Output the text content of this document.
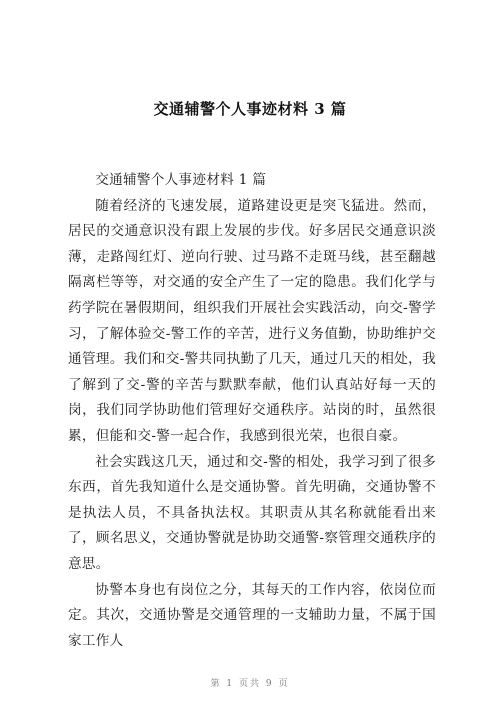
交通辅警个人事迹材料 3 篇

交通辅警个人事迹材料 1 篇

随着经济的飞速发展，道路建设更是突飞猛进。然而，居民的交通意识没有跟上发展的步伐。好多居民交通意识淡薄，走路闯红灯、逆向行驶、过马路不走斑马线，甚至翻越隔离栏等等，对交通的安全产生了一定的隐患。我们化学与药学院在暑假期间，组织我们开展社会实践活动，向交-警学习，了解体验交-警工作的辛苦，进行义务值勤，协助维护交通管理。我们和交-警共同执勤了几天，通过几天的相处，我了解到了交-警的辛苦与默默奉献，他们认真站好每一天的岗，我们同学协助他们管理好交通秩序。站岗的时，虽然很累，但能和交-警一起合作，我感到很光荣，也很自豪。

社会实践这几天，通过和交-警的相处，我学习到了很多东西，首先我知道什么是交通协警。首先明确，交通协警不是执法人员，不具备执法权。其职责从其名称就能看出来了，顾名思义，交通协警就是协助交通警-察管理交通秩序的意思。

协警本身也有岗位之分，其每天的工作内容，依岗位而定。其次，交通协警是交通管理的一支辅助力量，不属于国家工作人

第 1 页共 9 页
